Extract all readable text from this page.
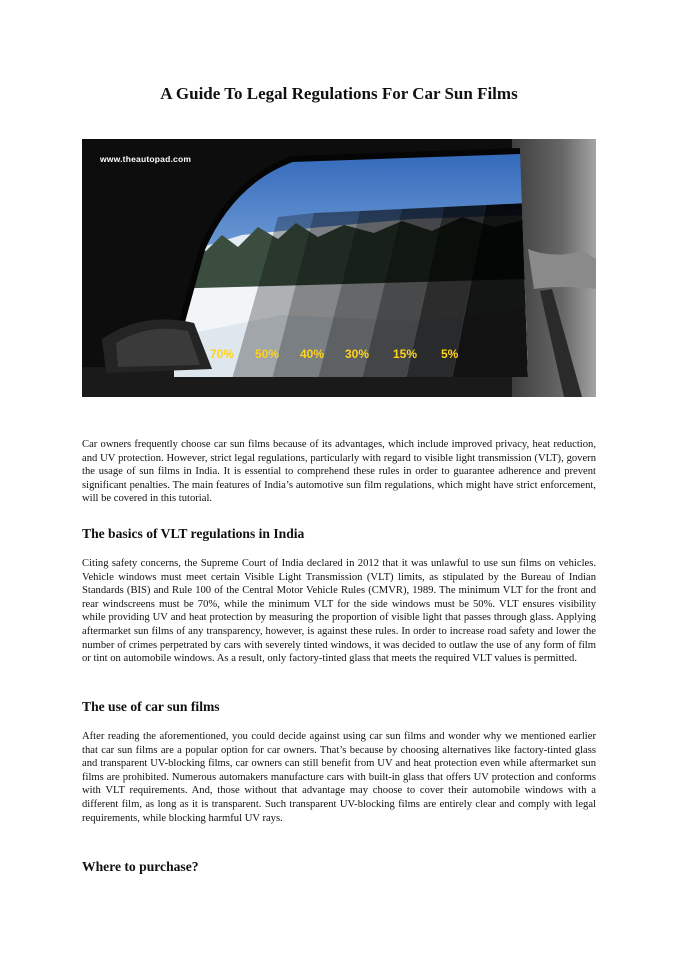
A Guide To Legal Regulations For Car Sun Films
www.theautopad.com
70% 50% 40% 30% 15% 5%

Car owners frequently choose car sun films because of its advantages, which include improved privacy, heat reduction, and UV protection. However, strict legal regulations, particularly with regard to visible light transmission (VLT), govern the usage of sun films in India. It is essential to comprehend these rules in order to guarantee adherence and prevent significant penalties. The main features of India’s automotive sun film regulations, which might have strict enforcement, will be covered in this tutorial.

The basics of VLT regulations in India

Citing safety concerns, the Supreme Court of India declared in 2012 that it was unlawful to use sun films on vehicles. Vehicle windows must meet certain Visible Light Transmission (VLT) limits, as stipulated by the Bureau of Indian Standards (BIS) and Rule 100 of the Central Motor Vehicle Rules (CMVR), 1989. The minimum VLT for the front and rear windscreens must be 70%, while the minimum VLT for the side windows must be 50%. VLT ensures visibility while providing UV and heat protection by measuring the proportion of visible light that passes through glass. Applying aftermarket sun films of any transparency, however, is against these rules. In order to increase road safety and lower the number of crimes perpetrated by cars with severely tinted windows, it was decided to outlaw the use of any form of film or tint on automobile windows. As a result, only factory-tinted glass that meets the required VLT values is permitted.

The use of car sun films

After reading the aforementioned, you could decide against using car sun films and wonder why we mentioned earlier that car sun films are a popular option for car owners. That’s because by choosing alternatives like factory-tinted glass and transparent UV-blocking films, car owners can still benefit from UV and heat protection even while aftermarket sun films are prohibited. Numerous automakers manufacture cars with built-in glass that offers UV protection and conforms with VLT requirements. And, those without that advantage may choose to cover their automobile windows with a different film, as long as it is transparent. Such transparent UV-blocking films are entirely clear and comply with legal requirements, while blocking harmful UV rays.

Where to purchase?
